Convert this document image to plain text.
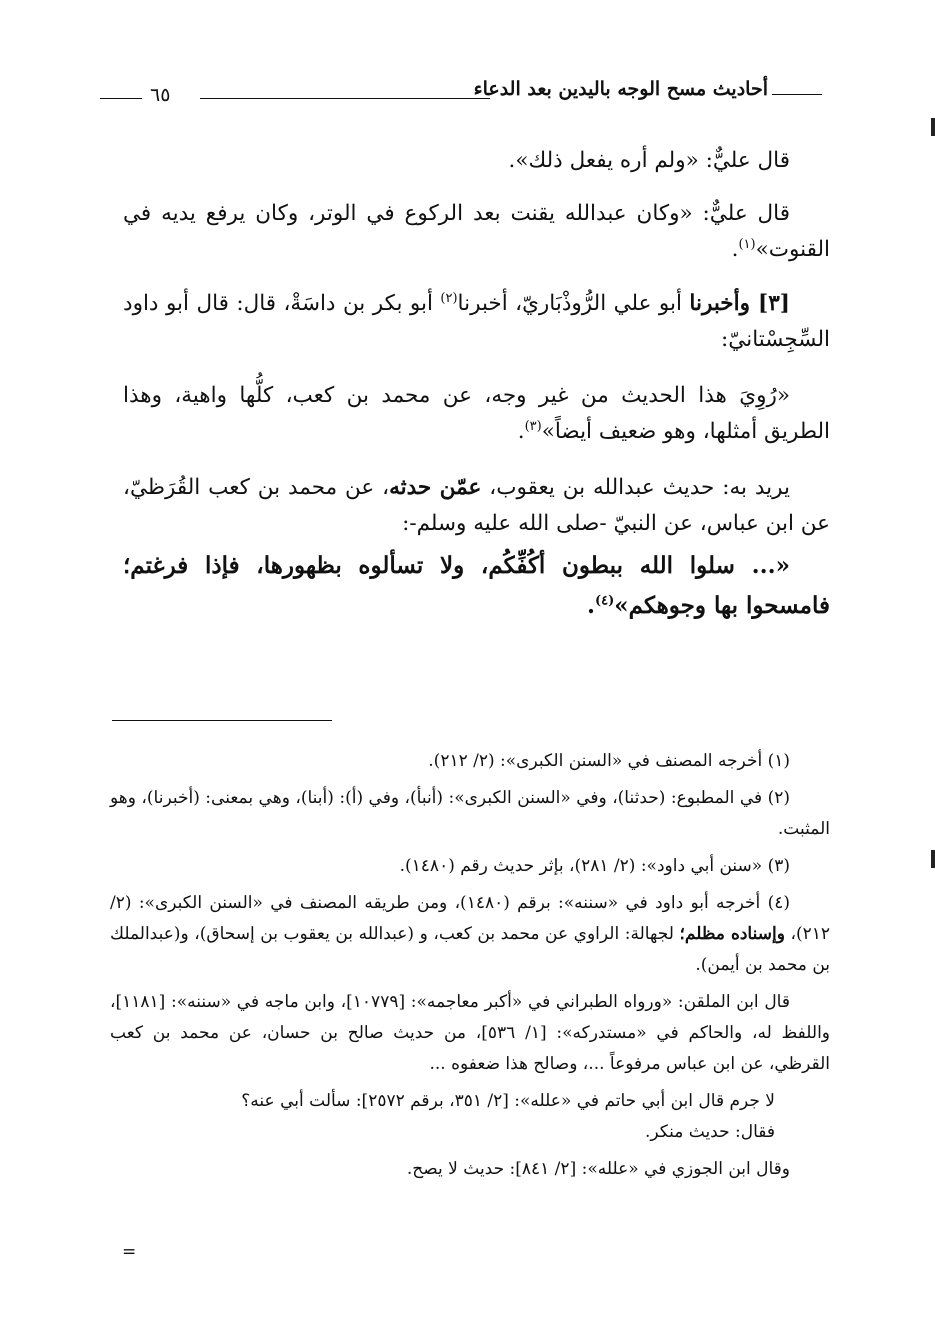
أحاديث مسح الوجه باليدين بعد الدعاء
٦٥

قال عليٌّ: «ولم أره يفعل ذلك».

قال عليٌّ: «وكان عبدالله يقنت بعد الركوع في الوتر، وكان يرفع يديه في القنوت»$^{(١)}$.

[٣] وأخبرنا أبو علي الرُّوذْبَاريّ، أخبرنا$^{(٢)}$ أبو بكر بن داسَةْ، قال: قال أبو داود السِّجِسْتانيّ:

«رُوِيَ هذا الحديث من غير وجه، عن محمد بن كعب، كلُّها واهية، وهذا الطريق أمثلها، وهو ضعيف أيضاً»$^{(٣)}$.

يريد به: حديث عبدالله بن يعقوب، عمّن حدثه، عن محمد بن كعب القُرَظيّ، عن ابن عباس، عن النبيّ -صلى الله عليه وسلم-:

«... سلوا الله ببطون أكُفِّكُم، ولا تسألوه بظهورها، فإذا فرغتم؛ فامسحوا بها وجوهكم»$^{(٤)}$.

(١) أخرجه المصنف في «السنن الكبرى»: (٢/ ٢١٢).

(٢) في المطبوع: (حدثنا)، وفي «السنن الكبرى»: (أنبأ)، وفي (أ): (أبنا)، وهي بمعنى: (أخبرنا)، وهو المثبت.

(٣) «سنن أبي داود»: (٢/ ٢٨١)، بإثر حديث رقم (١٤٨٠).

(٤) أخرجه أبو داود في «سننه»: برقم (١٤٨٠)، ومن طريقه المصنف في «السنن الكبرى»: (٢/ ٢١٢)، وإسناده مظلم؛ لجهالة: الراوي عن محمد بن كعب، و (عبدالله بن يعقوب بن إسحاق)، و(عبدالملك بن محمد بن أيمن).

قال ابن الملقن: «ورواه الطبراني في «أكبر معاجمه»: [١٠٧٧٩]، وابن ماجه في «سننه»: [١١٨١]، واللفظ له، والحاكم في «مستدركه»: [١/ ٥٣٦]، من حديث صالح بن حسان، عن محمد بن كعب القرظي، عن ابن عباس مرفوعاً ...، وصالح هذا ضعفوه ...

لا جرم قال ابن أبي حاتم في «علله»: [٢/ ٣٥١، برقم ٢٥٧٢]: سألت أبي عنه؟

فقال: حديث منكر.

وقال ابن الجوزي في «علله»: [٢/ ٨٤١]: حديث لا يصح.

=
